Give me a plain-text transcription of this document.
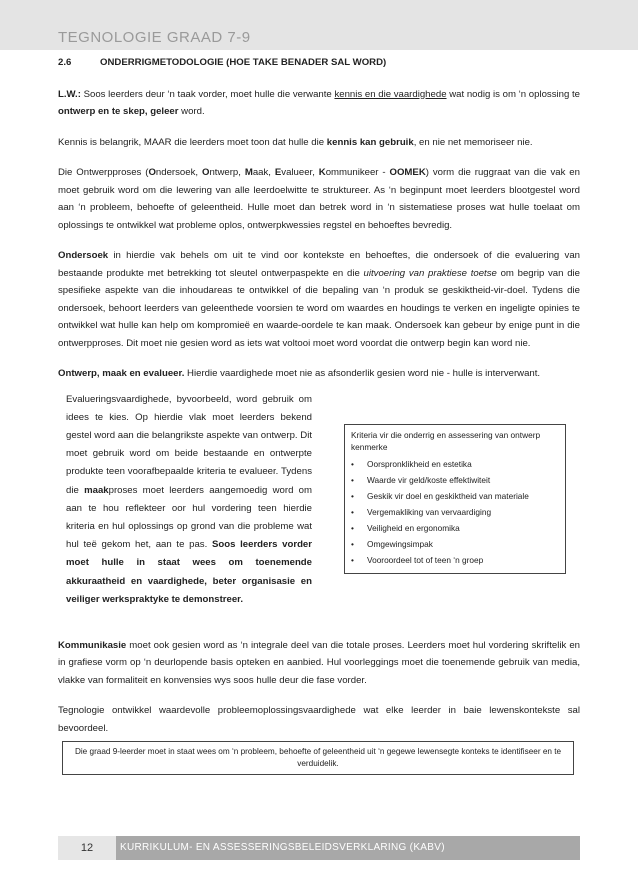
TEGNOLOGIE GRAAD 7-9
2.6	ONDERRIGMETODOLOGIE (HOE TAKE BENADER SAL WORD)

L.W.: Soos leerders deur ‘n taak vorder, moet hulle die verwante kennis en die vaardighede wat nodig is om ‘n oplossing te ontwerp en te skep, geleer word.

Kennis is belangrik, MAAR die leerders moet toon dat hulle die kennis kan gebruik, en nie net memoriseer nie.

Die Ontwerpproses (Ondersoek, Ontwerp, Maak, Evalueer, Kommunikeer - OOMEK) vorm die ruggraat van die vak en moet gebruik word om die lewering van alle leerdoelwitte te struktureer. As ‘n beginpunt moet leerders blootgestel word aan ‘n probleem, behoefte of geleentheid. Hulle moet dan betrek word in ‘n sistematiese proses wat hulle toelaat om oplossings te ontwikkel wat probleme oplos, ontwerpkwessies regstel en behoeftes bevredig.

Ondersoek in hierdie vak behels om uit te vind oor kontekste en behoeftes, die ondersoek of die evaluering van bestaande produkte met betrekking tot sleutel ontwerpaspekte en die uitvoering van praktiese toetse om begrip van die spesifieke aspekte van die inhoudareas te ontwikkel of die bepaling van ‘n produk se geskiktheid-vir-doel. Tydens die ondersoek, behoort leerders van geleenthede voorsien te word om waardes en houdings te verken en ingeligte opinies te ontwikkel wat hulle kan help om kompromieë en waarde-oordele te kan maak. Ondersoek kan gebeur by enige punt in die ontwerpproses. Dit moet nie gesien word as iets wat voltooi moet word voordat die ontwerp begin kan word nie.

Ontwerp, maak en evalueer. Hierdie vaardighede moet nie as afsonderlik gesien word nie - hulle is interverwant.

Evalueringsvaardighede, byvoorbeeld, word gebruik om idees te kies. Op hierdie vlak moet leerders bekend gestel word aan die belangrikste aspekte van ontwerp. Dit moet gebruik word om beide bestaande en ontwerpte produkte teen voorafbepaalde kriteria te evalueer. Tydens die maakproses moet leerders aangemoedig word om aan te hou reflekteer oor hul vordering teen hierdie kriteria en hul oplossings op grond van die probleme wat hul teë gekom het, aan te pas. Soos leerders vorder moet hulle in staat wees om toenemende akkuraatheid en vaardighede, beter organisasie en veiliger werkspraktyke te demonstreer.
Kriteria vir die onderrig en assessering van ontwerp kenmerke
•	Oorspronklikheid en estetika
•	Waarde vir geld/koste effektiwiteit
•	Geskik vir doel en geskiktheid van materiale
•	Vergemakliking van vervaardiging
•	Veiligheid en ergonomika
•	Omgewingsimpak
•	Vooroordeel tot of teen ‘n groep

Kommunikasie moet ook gesien word as ‘n integrale deel van die totale proses. Leerders moet hul vordering skriftelik en in grafiese vorm op ‘n deurlopende basis opteken en aanbied. Hul voorleggings moet die toenemende gebruik van media, vlakke van formaliteit en konvensies wys soos hulle deur die fase vorder.

Tegnologie ontwikkel waardevolle probleemoplossingsvaardighede wat elke leerder in baie lewenskontekste sal bevoordeel.

Die graad 9-leerder moet in staat wees om ‘n probleem, behoefte of geleentheid uit ‘n gegewe lewensegte konteks te identifiseer en te verduidelik.
12	KURRIKULUM- EN ASSESSERINGSBELEIDSVERKLARING (KABV)
